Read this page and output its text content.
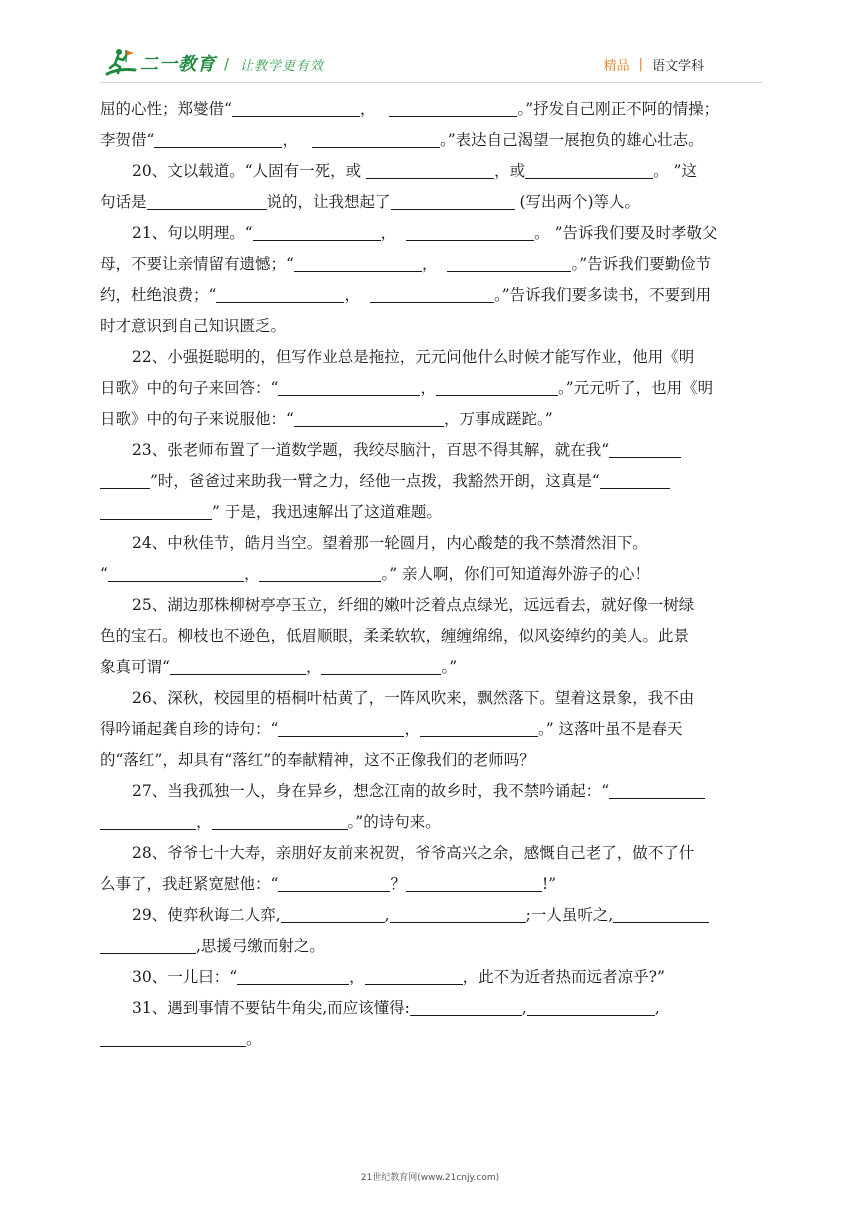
二一教育 / 让教学更有效	精品 | 语文学科
屈的心性；郑燮借“	，	。”抒发自己刚正不阿的情操；
李贺借“	，	。”表达自己渴望一展抱负的雄心壮志。
20、文以载道。“人固有一死，或	，或	。 ”这
句话是	说的，让我想起了	(写出两个)等人。
21、句以明理。“	，	。 ”告诉我们要及时孝敬父
母，不要让亲情留有遗憾；“	，	。”告诉我们要勤俭节
约，杜绝浪费；“	，	。”告诉我们要多读书，不要到用
时才意识到自己知识匮乏。
22、小强挺聪明的，但写作业总是拖拉，元元问他什么时候才能写作业，他用《明
日歌》中的句子来回答：“	，	。”元元听了，也用《明
日歌》中的句子来说服他：“	，万事成蹉跎。”
23、张老师布置了一道数学题，我绞尽脑汁，百思不得其解，就在我“
”时，爸爸过来助我一臂之力，经他一点拨，我豁然开朗，这真是“
” 于是，我迅速解出了这道难题。
24、中秋佳节，皓月当空。望着那一轮圆月，内心酸楚的我不禁潸然泪下。
“	，	。” 亲人啊，你们可知道海外游子的心！
25、湖边那株柳树亭亭玉立，纤细的嫩叶泛着点点绿光，远远看去，就好像一树绿
色的宝石。柳枝也不逊色，低眉顺眼，柔柔软软，缠缠绵绵，似风姿绰约的美人。此景
象真可谓“	，	。”
26、深秋，校园里的梧桐叶枯黄了，一阵风吹来，飘然落下。望着这景象，我不由
得吟诵起龚自珍的诗句：“	，	。” 这落叶虽不是春天
的“落红”，却具有“落红”的奉献精神，这不正像我们的老师吗？
27、当我孤独一人，身在异乡，想念江南的故乡时，我不禁吟诵起：“
，	。”的诗句来。
28、爷爷七十大寿，亲朋好友前来祝贺，爷爷高兴之余，感慨自己老了，做不了什
么事了，我赶紧宽慰他：“	？	!”
29、使弈秋诲二人弈,	,	;一人虽听之,
,思援弓缴而射之。
30、一儿曰：“	，	，此不为近者热而远者凉乎?”
31、遇到事情不要钻牛角尖,而应该懂得:	,	,
。
21世纪教育网(www.21cnjy.com)
